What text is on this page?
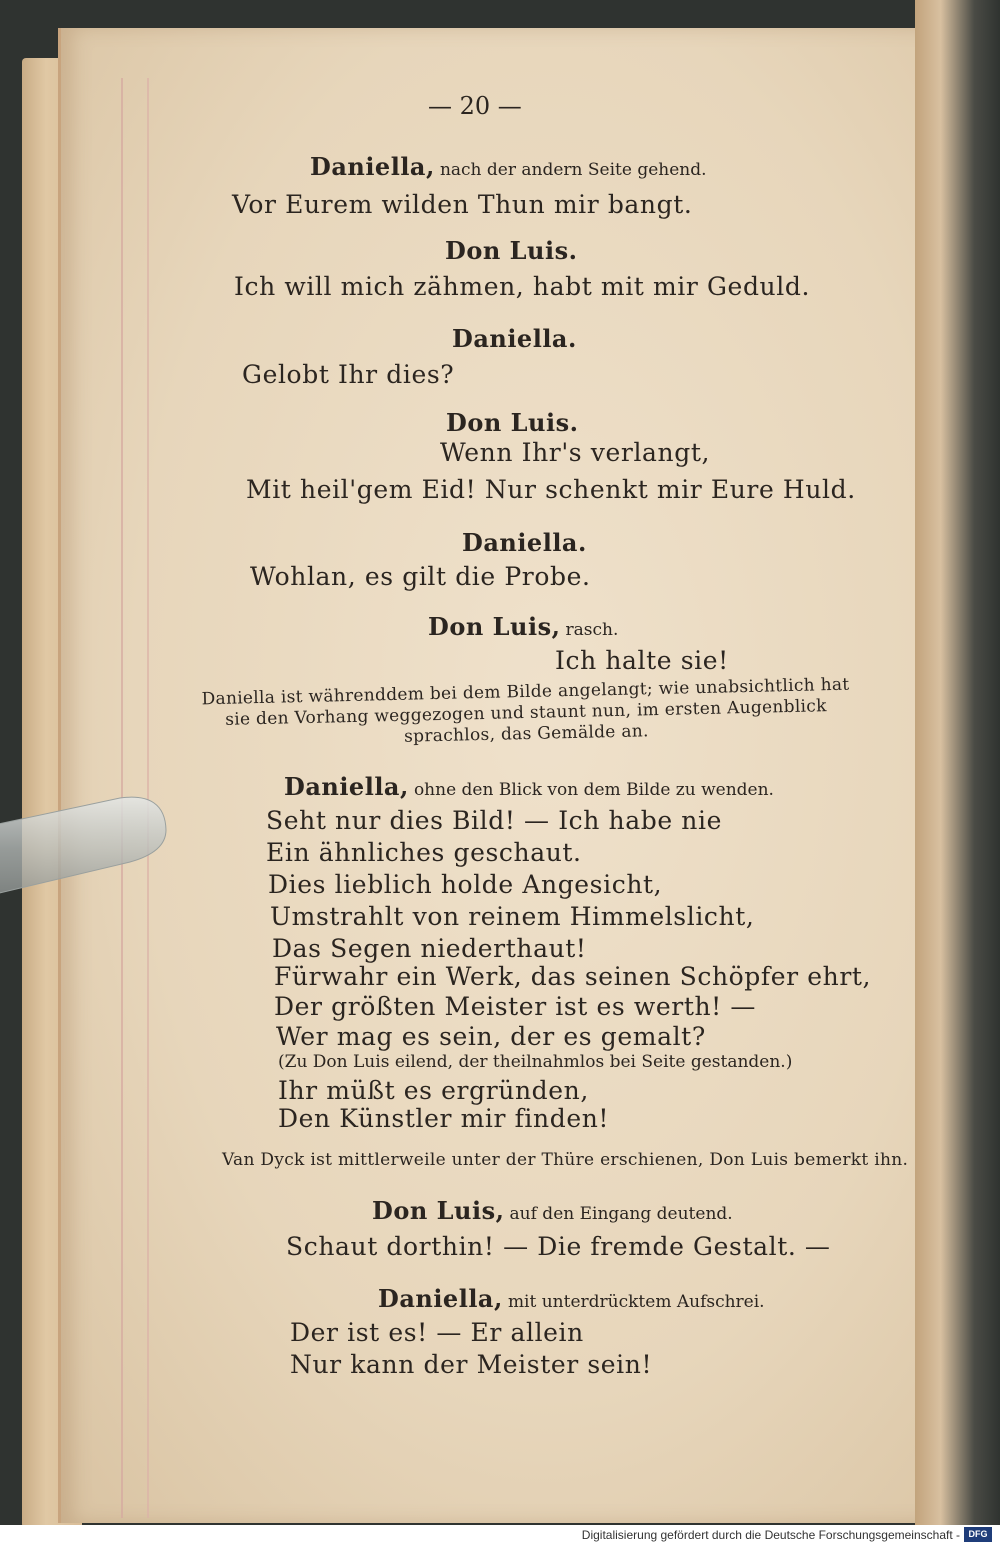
— 20 —
Daniella, nach der andern Seite gehend.
Vor Eurem wilden Thun mir bangt.
Don Luis.
Ich will mich zähmen, habt mit mir Geduld.
Daniella.
Gelobt Ihr dies?
Don Luis.
Wenn Ihr's verlangt,
Mit heil'gem Eid! Nur schenkt mir Eure Huld.
Daniella.
Wohlan, es gilt die Probe.
Don Luis, rasch.
Ich halte sie!
Daniella ist währenddem bei dem Bilde angelangt; wie unabsichtlich hat sie den Vorhang weggezogen und staunt nun, im ersten Augenblick sprachlos, das Gemälde an.
Daniella, ohne den Blick von dem Bilde zu wenden.
Seht nur dies Bild! — Ich habe nie
Ein ähnliches geschaut.
Dies lieblich holde Angesicht,
Umstrahlt von reinem Himmelslicht,
Das Segen niederthaut!
Fürwahr ein Werk, das seinen Schöpfer ehrt,
Der größten Meister ist es werth! —
Wer mag es sein, der es gemalt?
(Zu Don Luis eilend, der theilnahmlos bei Seite gestanden.)
Ihr müßt es ergründen,
Den Künstler mir finden!
Van Dyck ist mittlerweile unter der Thüre erschienen, Don Luis bemerkt ihn.
Don Luis, auf den Eingang deutend.
Schaut dorthin! — Die fremde Gestalt. —
Daniella, mit unterdrücktem Aufschrei.
Der ist es! — Er allein
Nur kann der Meister sein!
Digitalisierung gefördert durch die Deutsche Forschungsgemeinschaft - DFG
